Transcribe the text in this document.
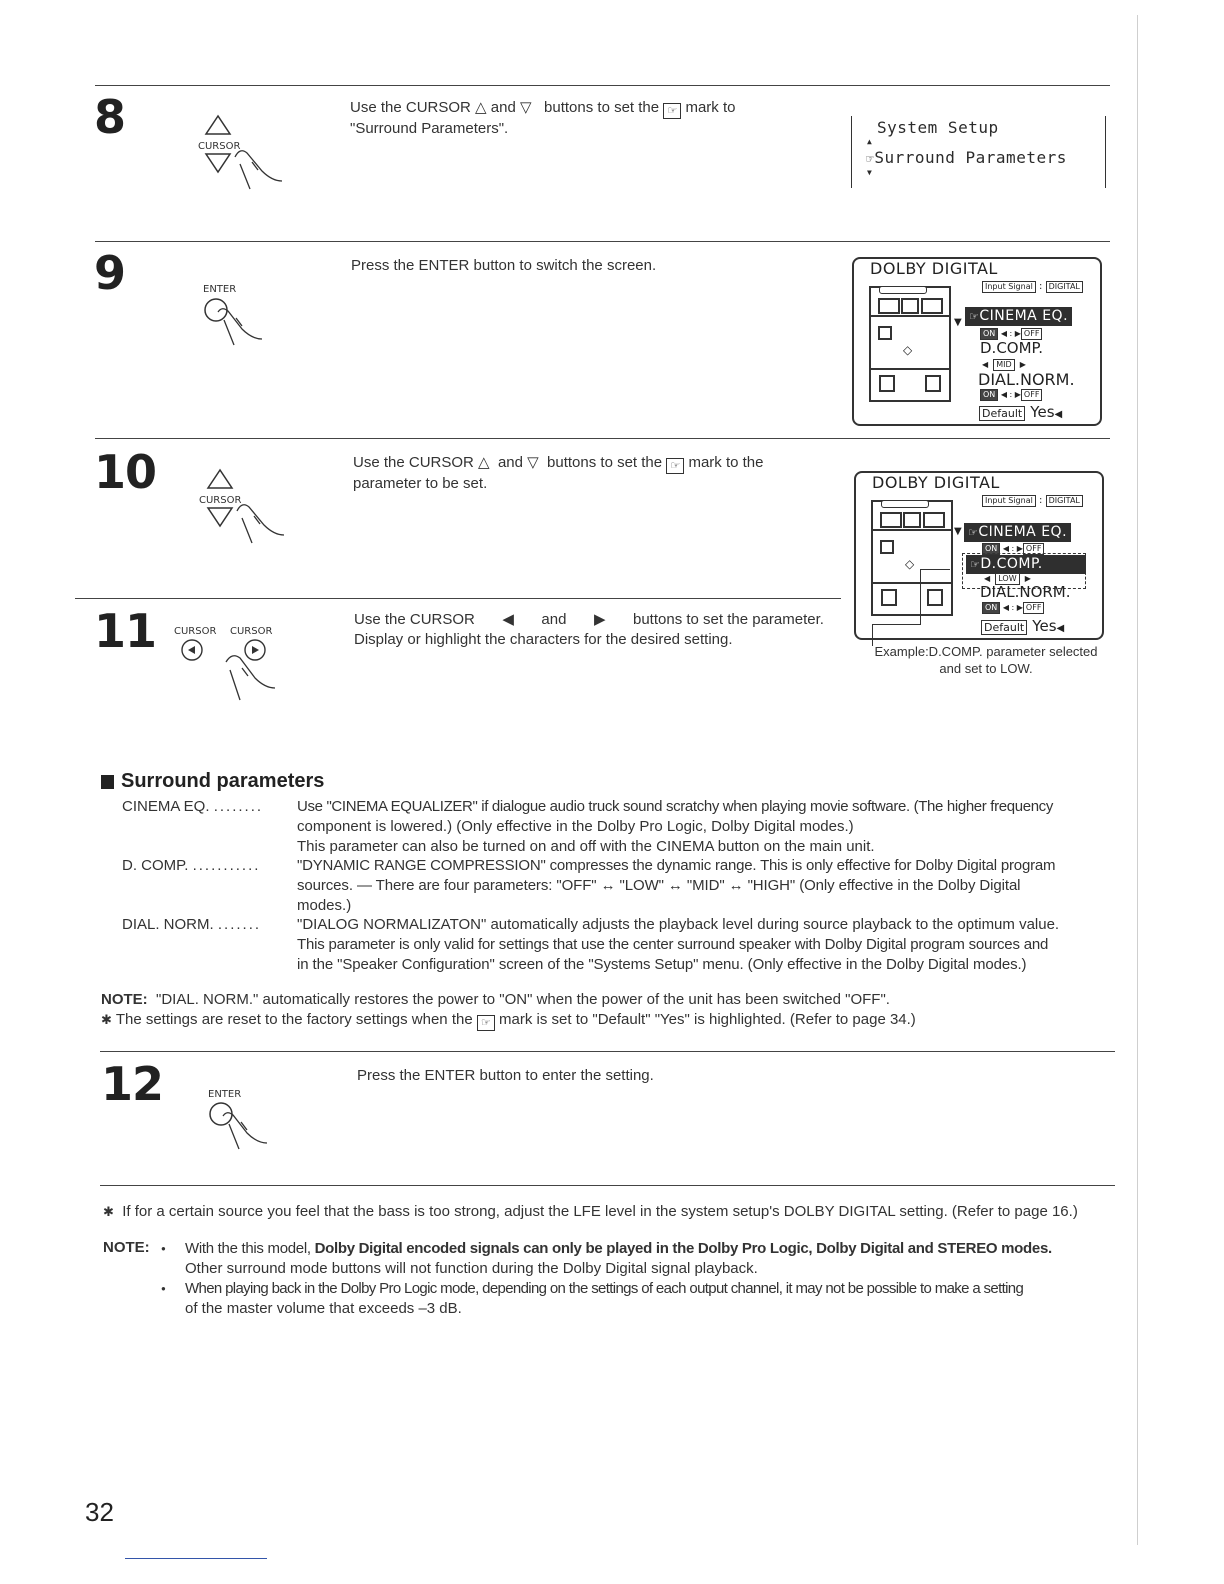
8
CURSOR
Use the CURSOR △ and ▽ buttons to set the ☞ mark to
"Surround Parameters".	System Setup
▲
☞Surround Parameters
▼
9	ENTER
Press the ENTER button to switch the screen.	DOLBY DIGITAL
Input Signal : DIGITAL
◇
▼ ☞CINEMA EQ.
ON ◀ : ▶ OFF
D.COMP.
◀  MID  ▶
DIAL.NORM.
ON ◀ : ▶ OFF
Default Yes◀
10
CURSOR
Use the CURSOR △ and ▽ buttons to set the ☞ mark to the
parameter to be set.	DOLBY DIGITAL
Input Signal : DIGITAL
◇
▼ ☞CINEMA EQ.
ON ◀ : ▶ OFF
☞D.COMP.
◀  LOW  ▶
DIAL.NORM.
ON ◀ : ▶ OFF
Default Yes◀
Example:D.COMP. parameter selected
and set to LOW.
11 CURSOR CURSOR
Use the CURSOR ◀ and ▶ buttons to set the parameter.
Display or highlight the characters for the desired setting.
Surround parameters
CINEMA EQ. ........ Use "CINEMA EQUALIZER" if dialogue audio truck sound scratchy when playing movie software. (The higher frequency
component is lowered.) (Only effective in the Dolby Pro Logic, Dolby Digital modes.)
This parameter can also be turned on and off with the CINEMA button on the main unit.
D. COMP. ........... "DYNAMIC RANGE COMPRESSION" compresses the dynamic range. This is only effective for Dolby Digital program
sources. — There are four parameters: "OFF" ↔ "LOW" ↔ "MID" ↔ "HIGH" (Only effective in the Dolby Digital
modes.)
DIAL. NORM. ....... "DIALOG NORMALIZATON" automatically adjusts the playback level during source playback to the optimum value.
This parameter is only valid for settings that use the center surround speaker with Dolby Digital program sources and
in the "Speaker Configuration" screen of the "Systems Setup" menu. (Only effective in the Dolby Digital modes.)
NOTE: "DIAL. NORM." automatically restores the power to "ON" when the power of the unit has been switched "OFF".
✱ The settings are reset to the factory settings when the ☞ mark is set to "Default" "Yes" is highlighted. (Refer to page 34.)
12	ENTER
Press the ENTER button to enter the setting.
✱ If for a certain source you feel that the bass is too strong, adjust the LFE level in the system setup's DOLBY DIGITAL setting. (Refer to page 16.)
NOTE: ● With the this model, Dolby Digital encoded signals can only be played in the Dolby Pro Logic, Dolby Digital and STEREO modes.
Other surround mode buttons will not function during the Dolby Digital signal playback.
● When playing back in the Dolby Pro Logic mode, depending on the settings of each output channel, it may not be possible to make a setting
of the master volume that exceeds –3 dB.
32
